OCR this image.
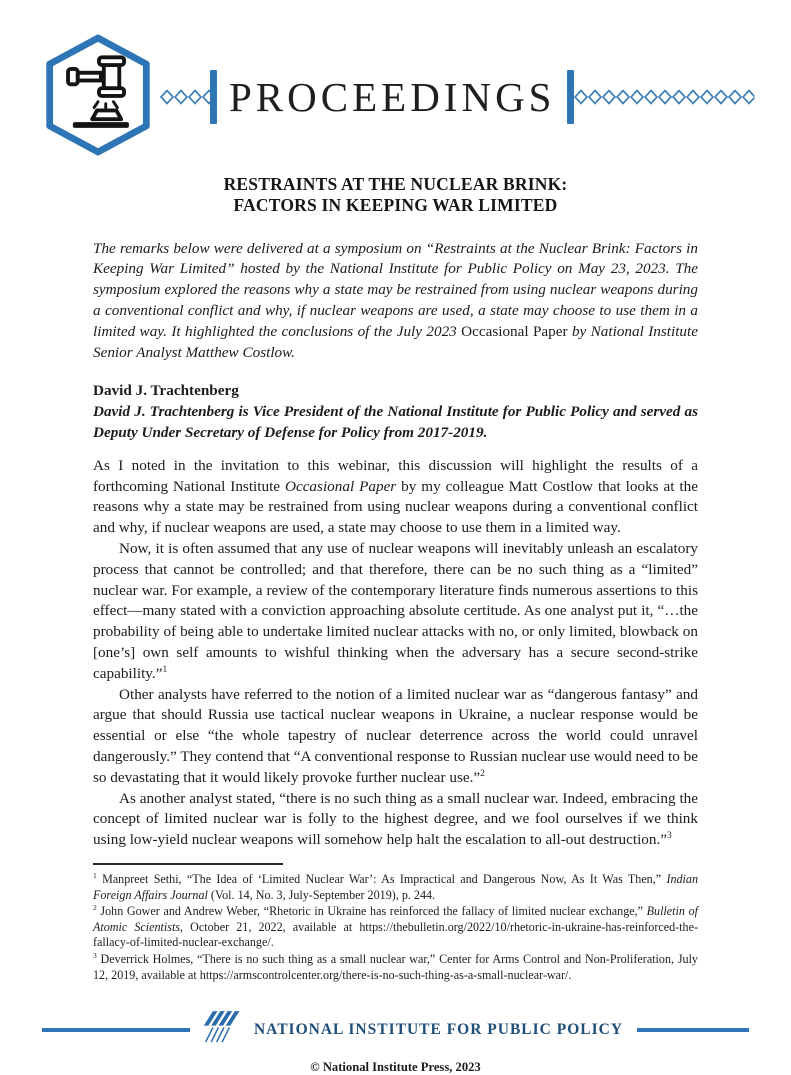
PROCEEDINGS
RESTRAINTS AT THE NUCLEAR BRINK:
FACTORS IN KEEPING WAR LIMITED

The remarks below were delivered at a symposium on “Restraints at the Nuclear Brink: Factors in Keeping War Limited” hosted by the National Institute for Public Policy on May 23, 2023. The symposium explored the reasons why a state may be restrained from using nuclear weapons during a conventional conflict and why, if nuclear weapons are used, a state may choose to use them in a limited way. It highlighted the conclusions of the July 2023 Occasional Paper by National Institute Senior Analyst Matthew Costlow.

David J. Trachtenberg

David J. Trachtenberg is Vice President of the National Institute for Public Policy and served as Deputy Under Secretary of Defense for Policy from 2017-2019.

As I noted in the invitation to this webinar, this discussion will highlight the results of a forthcoming National Institute Occasional Paper by my colleague Matt Costlow that looks at the reasons why a state may be restrained from using nuclear weapons during a conventional conflict and why, if nuclear weapons are used, a state may choose to use them in a limited way.

Now, it is often assumed that any use of nuclear weapons will inevitably unleash an escalatory process that cannot be controlled; and that therefore, there can be no such thing as a “limited” nuclear war. For example, a review of the contemporary literature finds numerous assertions to this effect—many stated with a conviction approaching absolute certitude. As one analyst put it, “…the probability of being able to undertake limited nuclear attacks with no, or only limited, blowback on [one’s] own self amounts to wishful thinking when the adversary has a secure second-strike capability.”$^1$

Other analysts have referred to the notion of a limited nuclear war as “dangerous fantasy” and argue that should Russia use tactical nuclear weapons in Ukraine, a nuclear response would be essential or else “the whole tapestry of nuclear deterrence across the world could unravel dangerously.” They contend that “A conventional response to Russian nuclear use would need to be so devastating that it would likely provoke further nuclear use.”$^2$

As another analyst stated, “there is no such thing as a small nuclear war. Indeed, embracing the concept of limited nuclear war is folly to the highest degree, and we fool ourselves if we think using low-yield nuclear weapons will somehow help halt the escalation to all-out destruction.”$^3$

$^1$ Manpreet Sethi, “The Idea of ‘Limited Nuclear War’: As Impractical and Dangerous Now, As It Was Then,” Indian Foreign Affairs Journal (Vol. 14, No. 3, July-September 2019), p. 244.

$^2$ John Gower and Andrew Weber, “Rhetoric in Ukraine has reinforced the fallacy of limited nuclear exchange,” Bulletin of Atomic Scientists, October 21, 2022, available at https://thebulletin.org/2022/10/rhetoric-in-ukraine-has-reinforced-the-fallacy-of-limited-nuclear-exchange/.

$^3$ Deverrick Holmes, “There is no such thing as a small nuclear war,” Center for Arms Control and Non-Proliferation, July 12, 2019, available at https://armscontrolcenter.org/there-is-no-such-thing-as-a-small-nuclear-war/.

NATIONAL INSTITUTE FOR PUBLIC POLICY
© National Institute Press, 2023
